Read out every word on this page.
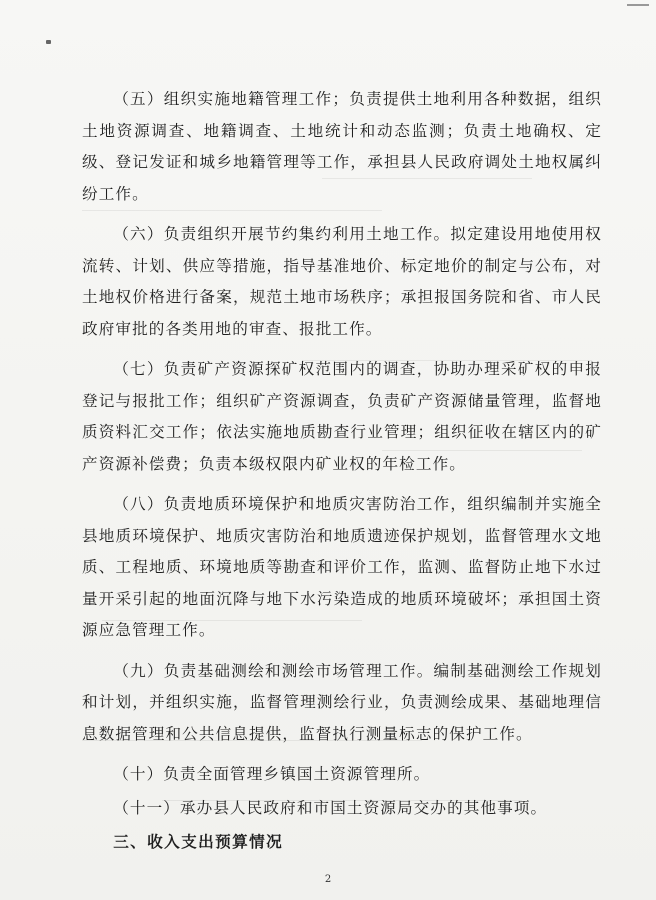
（五）组织实施地籍管理工作；负责提供土地利用各种数据，组织土地资源调查、地籍调查、土地统计和动态监测；负责土地确权、定级、登记发证和城乡地籍管理等工作，承担县人民政府调处土地权属纠纷工作。

（六）负责组织开展节约集约利用土地工作。拟定建设用地使用权流转、计划、供应等措施，指导基准地价、标定地价的制定与公布，对土地权价格进行备案，规范土地市场秩序；承担报国务院和省、市人民政府审批的各类用地的审查、报批工作。

（七）负责矿产资源探矿权范围内的调查，协助办理采矿权的申报登记与报批工作；组织矿产资源调查，负责矿产资源储量管理，监督地质资料汇交工作；依法实施地质勘查行业管理；组织征收在辖区内的矿产资源补偿费；负责本级权限内矿业权的年检工作。

（八）负责地质环境保护和地质灾害防治工作，组织编制并实施全县地质环境保护、地质灾害防治和地质遗迹保护规划，监督管理水文地质、工程地质、环境地质等勘查和评价工作，监测、监督防止地下水过量开采引起的地面沉降与地下水污染造成的地质环境破坏；承担国土资源应急管理工作。

（九）负责基础测绘和测绘市场管理工作。编制基础测绘工作规划和计划，并组织实施，监督管理测绘行业，负责测绘成果、基础地理信息数据管理和公共信息提供，监督执行测量标志的保护工作。

（十）负责全面管理乡镇国土资源管理所。

（十一）承办县人民政府和市国土资源局交办的其他事项。

三、收入支出预算情况

2
